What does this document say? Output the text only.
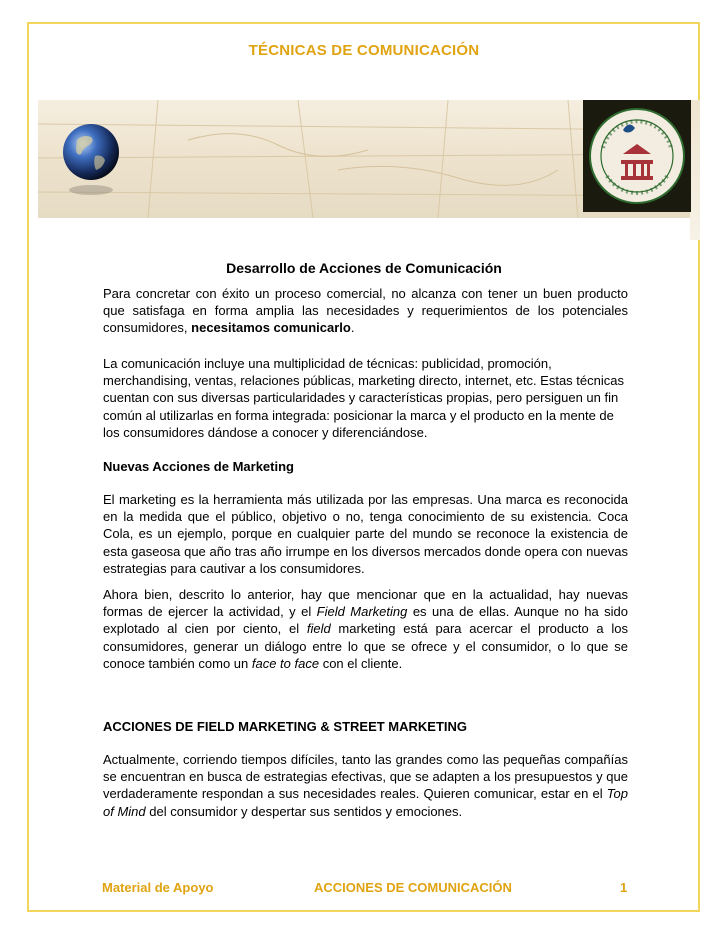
TÉCNICAS DE COMUNICACIÓN
Desarrollo de Acciones de Comunicación

Para concretar con éxito un proceso comercial, no alcanza con tener un buen producto que satisfaga en forma amplia las necesidades y requerimientos de los potenciales consumidores, necesitamos comunicarlo.

La comunicación incluye una multiplicidad de técnicas: publicidad, promoción, merchandising, ventas, relaciones públicas, marketing directo, internet, etc. Estas técnicas cuentan con sus diversas particularidades y características propias, pero persiguen un fin común al utilizarlas en forma integrada: posicionar la marca y el producto en la mente de los consumidores dándose a conocer y diferenciándose.

Nuevas Acciones de Marketing

El marketing es la herramienta más utilizada por las empresas. Una marca es reconocida en la medida que el público, objetivo o no, tenga conocimiento de su existencia. Coca Cola, es un ejemplo, porque en cualquier parte del mundo se reconoce la existencia de esta gaseosa que año tras año irrumpe en los diversos mercados donde opera con nuevas estrategias para cautivar a los consumidores.

Ahora bien, descrito lo anterior, hay que mencionar que en la actualidad, hay nuevas formas de ejercer la actividad, y el Field Marketing es una de ellas. Aunque no ha sido explotado al cien por ciento, el field marketing está para acercar el producto a los consumidores, generar un diálogo entre lo que se ofrece y el consumidor, o lo que se conoce también como un face to face con el cliente.

ACCIONES DE FIELD MARKETING & STREET MARKETING

Actualmente, corriendo tiempos difíciles, tanto las grandes como las pequeñas compañías se encuentran en busca de estrategias efectivas, que se adapten a los presupuestos y que verdaderamente respondan a sus necesidades reales. Quieren comunicar, estar en el Top of Mind del consumidor y despertar sus sentidos y emociones.

Material de Apoyo	ACCIONES DE COMUNICACIÓN	1
